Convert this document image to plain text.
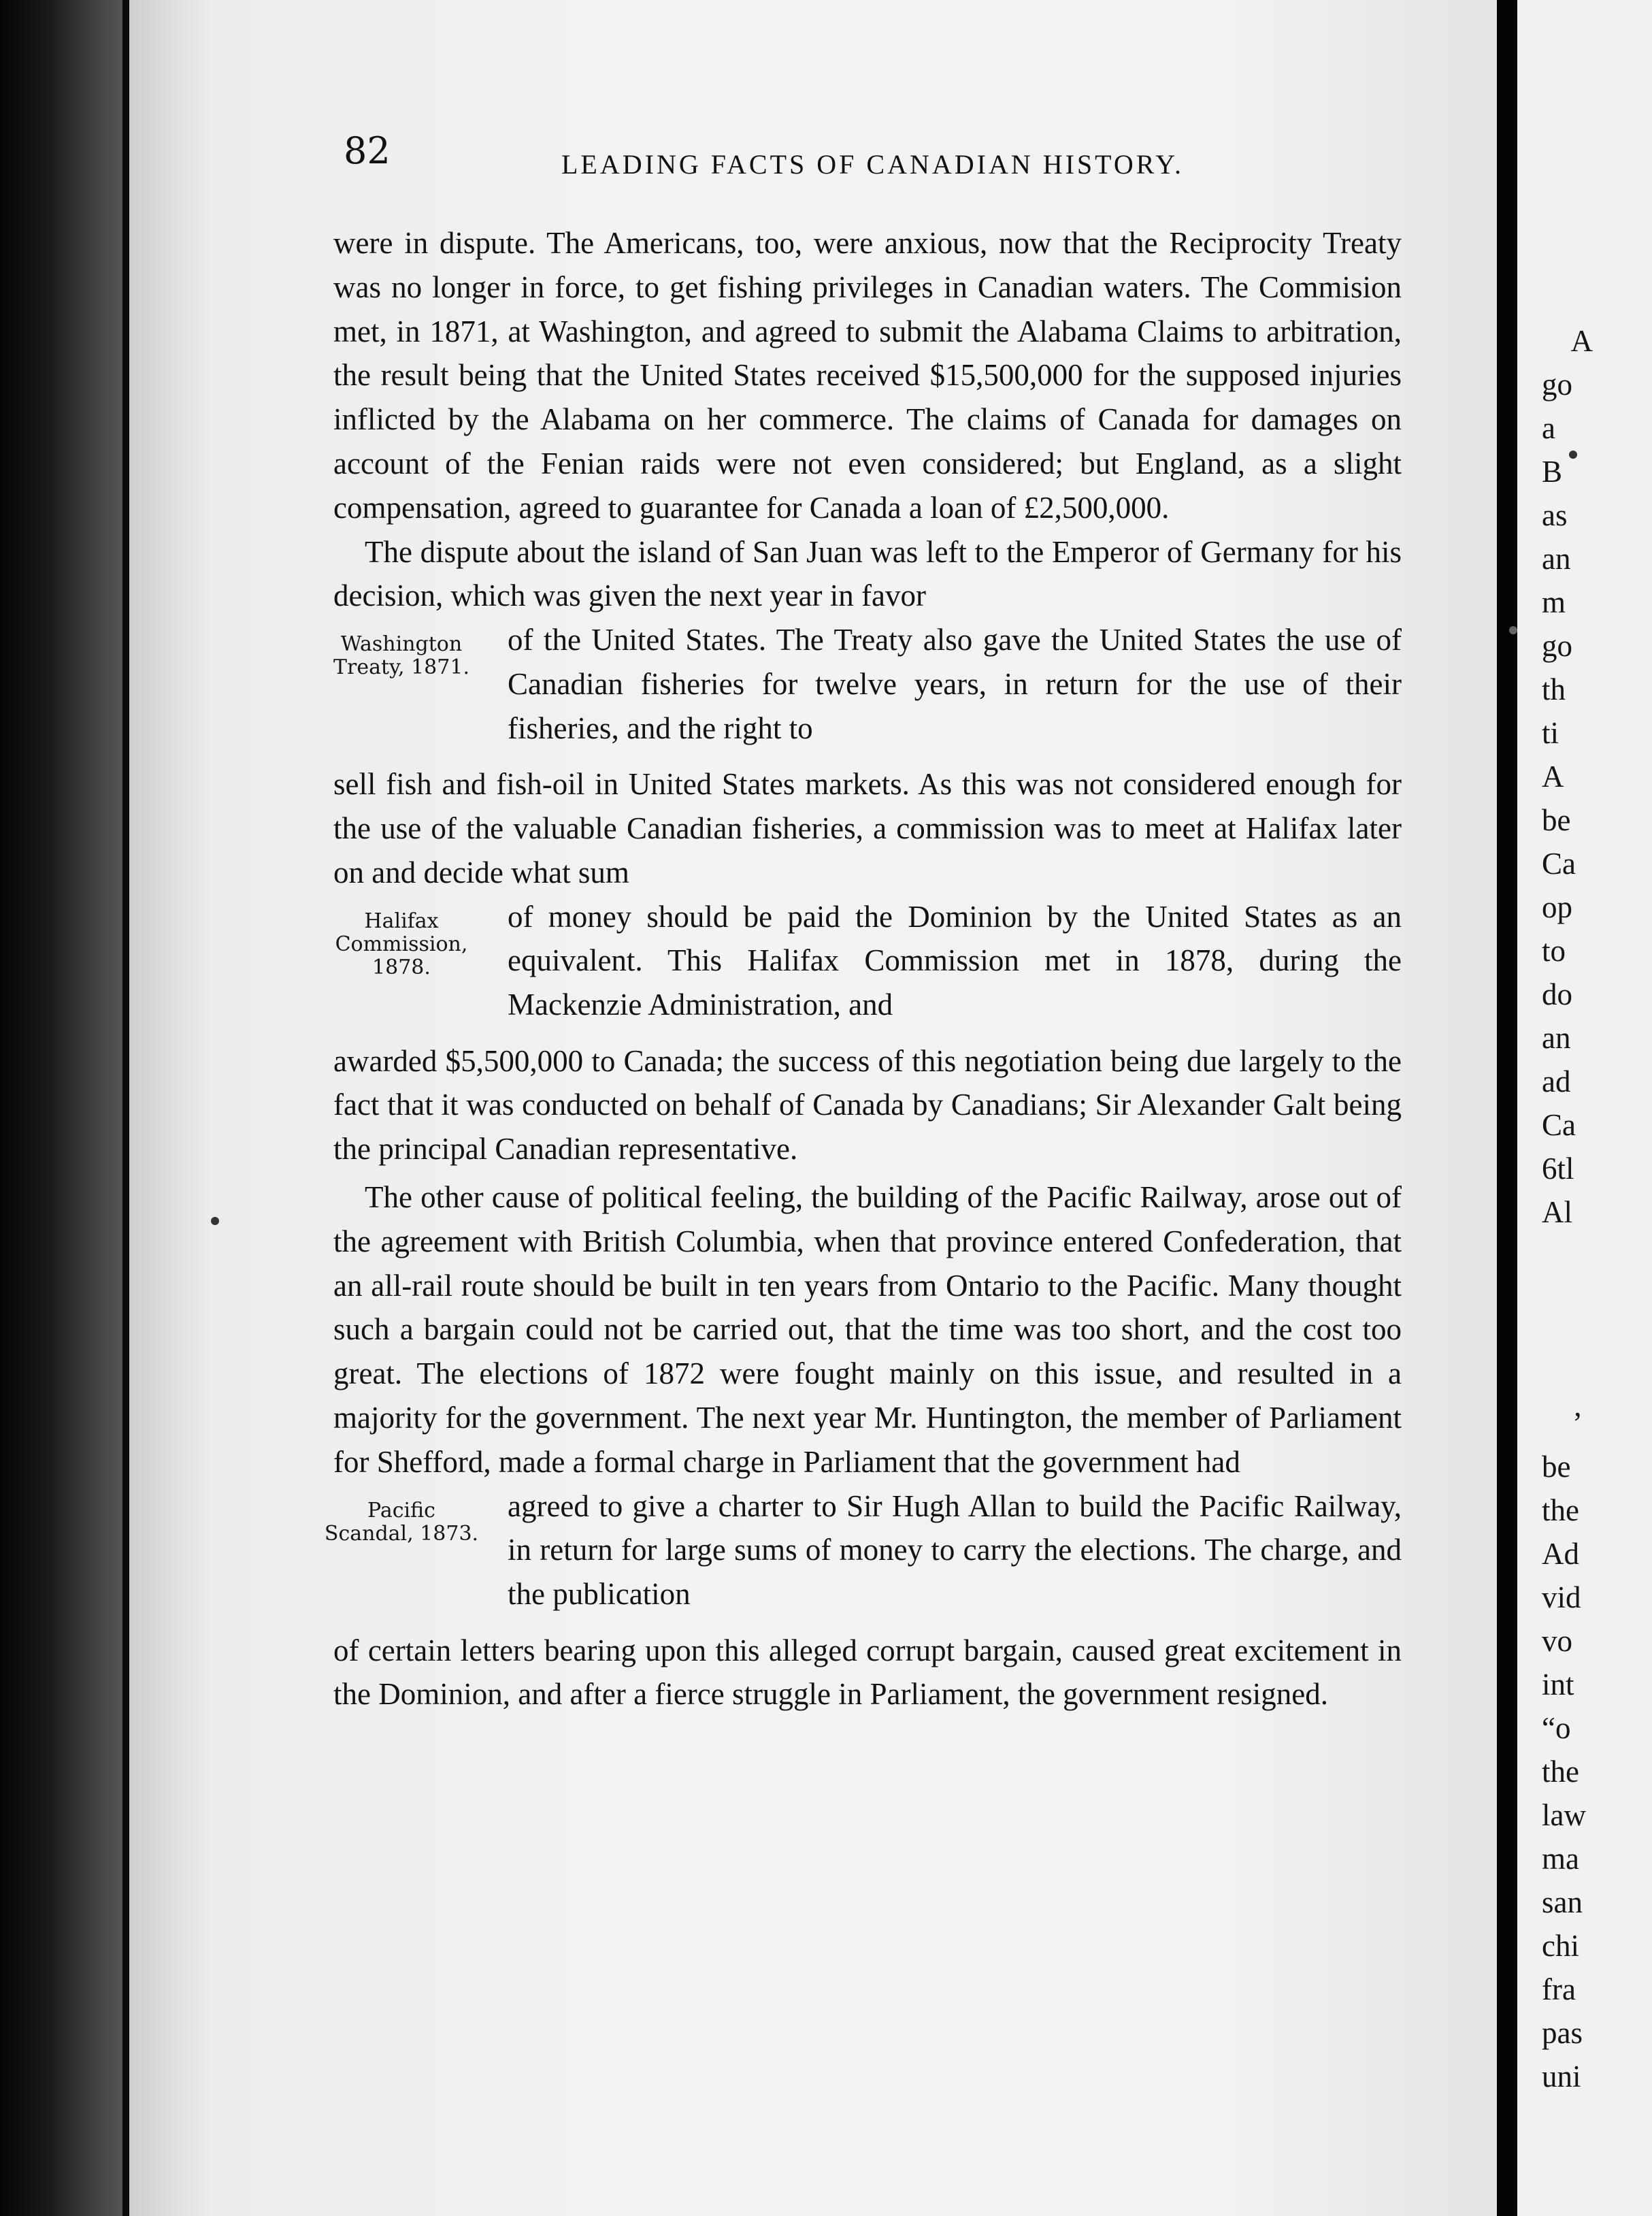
82	LEADING FACTS OF CANADIAN HISTORY.

were in dispute. The Americans, too, were anxious, now that the Reciprocity Treaty was no longer in force, to get fishing privileges in Canadian waters. The Commision met, in 1871, at Washington, and agreed to submit the Alabama Claims to arbitration, the result being that the United States received $15,500,000 for the supposed injuries inflicted by the Alabama on her commerce. The claims of Canada for damages on account of the Fenian raids were not even considered; but England, as a slight compensation, agreed to guarantee for Canada a loan of £2,500,000.

The dispute about the island of San Juan was left to the Emperor of Germany for his decision, which was given the next year in favor

Washington
Treaty, 1871.

of the United States. The Treaty also gave the United States the use of Canadian fisheries for twelve years, in return for the use of their fisheries, and the right to

sell fish and fish-oil in United States markets. As this was not considered enough for the use of the valuable Canadian fisheries, a commission was to meet at Halifax later on and decide what sum

Halifax
Commission,
1878.

of money should be paid the Dominion by the United States as an equivalent. This Halifax Commission met in 1878, during the Mackenzie Administration, and

awarded $5,500,000 to Canada; the success of this negotiation being due largely to the fact that it was conducted on behalf of Canada by Canadians; Sir Alexander Galt being the principal Canadian representative.

The other cause of political feeling, the building of the Pacific Railway, arose out of the agreement with British Columbia, when that province entered Confederation, that an all-rail route should be built in ten years from Ontario to the Pacific. Many thought such a bargain could not be carried out, that the time was too short, and the cost too great. The elections of 1872 were fought mainly on this issue, and resulted in a majority for the government. The next year Mr. Huntington, the member of Parliament for Shefford, made a formal charge in Parliament that the government had

Pacific
Scandal, 1873.

agreed to give a charter to Sir Hugh Allan to build the Pacific Railway, in return for large sums of money to carry the elections. The charge, and the publication

of certain letters bearing upon this alleged corrupt bargain, caused great excitement in the Dominion, and after a fierce struggle in Parliament, the government resigned.

A
go
a
B
as
an
m
go
th
ti
A
be
Ca
op
to
do
an
ad
Ca
6tl
Al

’
be
the
Ad
vid
vo
int
“o
the
law
ma
san
chi
fra
pas
uni
